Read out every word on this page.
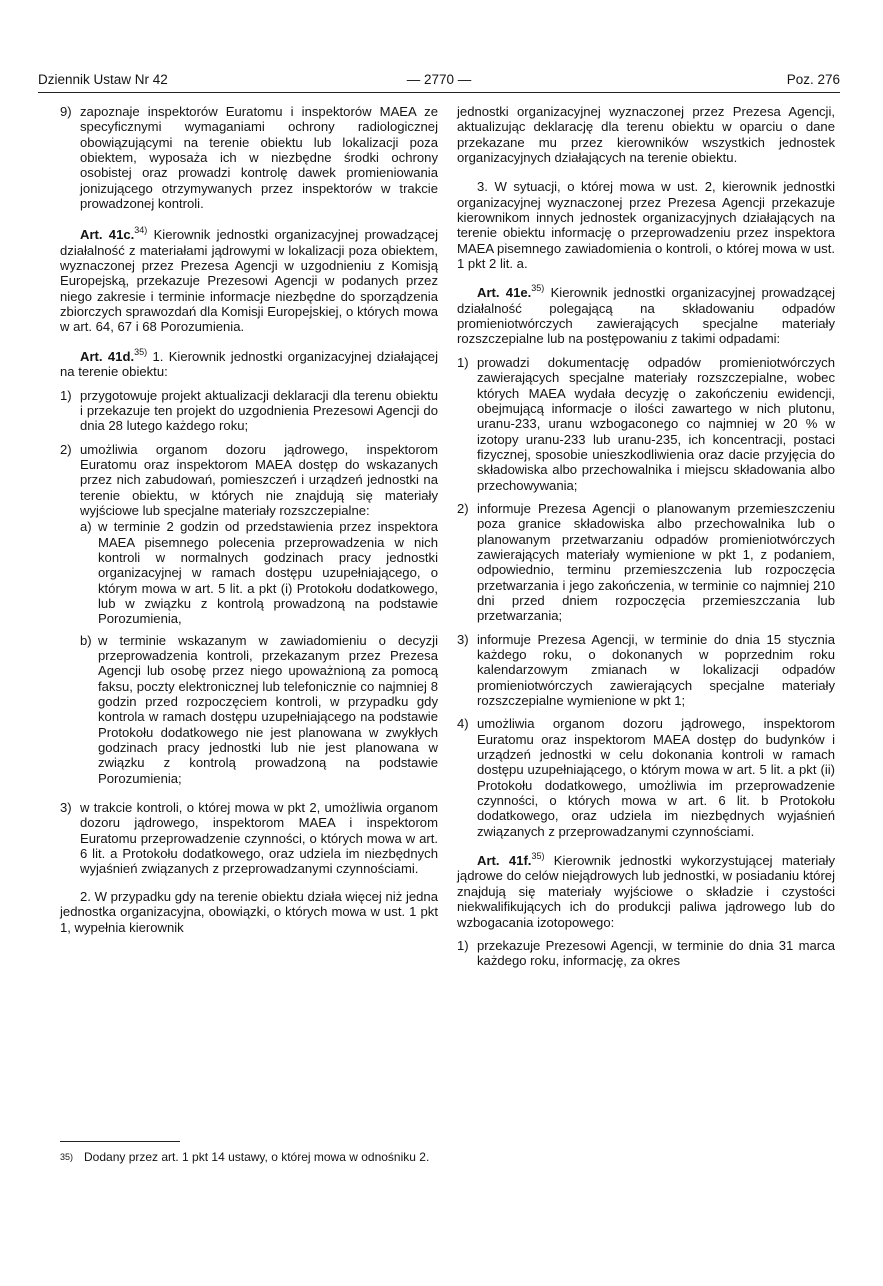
Dziennik Ustaw Nr 42	— 2770 —	Poz. 276
9) zapoznaje inspektorów Euratomu i inspektorów MAEA ze specyficznymi wymaganiami ochrony radiologicznej obowiązującymi na terenie obiektu lub lokalizacji poza obiektem, wyposaża ich w niezbędne środki ochrony osobistej oraz prowadzi kontrolę dawek promieniowania jonizującego otrzymywanych przez inspektorów w trakcie prowadzonej kontroli.

Art. 41c.$^{34)}$ Kierownik jednostki organizacyjnej prowadzącej działalność z materiałami jądrowymi w lokalizacji poza obiektem, wyznaczonej przez Prezesa Agencji w uzgodnieniu z Komisją Europejską, przekazuje Prezesowi Agencji w podanych przez niego zakresie i terminie informacje niezbędne do sporządzenia zbiorczych sprawozdań dla Komisji Europejskiej, o których mowa w art. 64, 67 i 68 Porozumienia.

Art. 41d.$^{35)}$ 1. Kierownik jednostki organizacyjnej działającej na terenie obiektu:

1) przygotowuje projekt aktualizacji deklaracji dla terenu obiektu i przekazuje ten projekt do uzgodnienia Prezesowi Agencji do dnia 28 lutego każdego roku;
2) umożliwia organom dozoru jądrowego, inspektorom Euratomu oraz inspektorom MAEA dostęp do wskazanych przez nich zabudowań, pomieszczeń i urządzeń jednostki na terenie obiektu, w których nie znajdują się materiały wyjściowe lub specjalne materiały rozszczepialne:
a) w terminie 2 godzin od przedstawienia przez inspektora MAEA pisemnego polecenia przeprowadzenia w nich kontroli w normalnych godzinach pracy jednostki organizacyjnej w ramach dostępu uzupełniającego, o którym mowa w art. 5 lit. a pkt (i) Protokołu dodatkowego, lub w związku z kontrolą prowadzoną na podstawie Porozumienia,
b) w terminie wskazanym w zawiadomieniu o decyzji przeprowadzenia kontroli, przekazanym przez Prezesa Agencji lub osobę przez niego upoważnioną za pomocą faksu, poczty elektronicznej lub telefonicznie co najmniej 8 godzin przed rozpoczęciem kontroli, w przypadku gdy kontrola w ramach dostępu uzupełniającego na podstawie Protokołu dodatkowego nie jest planowana w zwykłych godzinach pracy jednostki lub nie jest planowana w związku z kontrolą prowadzoną na podstawie Porozumienia;
3) w trakcie kontroli, o której mowa w pkt 2, umożliwia organom dozoru jądrowego, inspektorom MAEA i inspektorom Euratomu przeprowadzenie czynności, o których mowa w art. 6 lit. a Protokołu dodatkowego, oraz udziela im niezbędnych wyjaśnień związanych z przeprowadzanymi czynnościami.

2. W przypadku gdy na terenie obiektu działa więcej niż jedna jednostka organizacyjna, obowiązki, o których mowa w ust. 1 pkt 1, wypełnia kierownik

jednostki organizacyjnej wyznaczonej przez Prezesa Agencji, aktualizując deklarację dla terenu obiektu w oparciu o dane przekazane mu przez kierowników wszystkich jednostek organizacyjnych działających na terenie obiektu.

3. W sytuacji, o której mowa w ust. 2, kierownik jednostki organizacyjnej wyznaczonej przez Prezesa Agencji przekazuje kierownikom innych jednostek organizacyjnych działających na terenie obiektu informację o przeprowadzeniu przez inspektora MAEA pisemnego zawiadomienia o kontroli, o której mowa w ust. 1 pkt 2 lit. a.

Art. 41e.$^{35)}$ Kierownik jednostki organizacyjnej prowadzącej działalność polegającą na składowaniu odpadów promieniotwórczych zawierających specjalne materiały rozszczepialne lub na postępowaniu z takimi odpadami:

1) prowadzi dokumentację odpadów promieniotwórczych zawierających specjalne materiały rozszczepialne, wobec których MAEA wydała decyzję o zakończeniu ewidencji, obejmującą informacje o ilości zawartego w nich plutonu, uranu-233, uranu wzbogaconego co najmniej w 20 % w izotopy uranu-233 lub uranu-235, ich koncentracji, postaci fizycznej, sposobie unieszkodliwienia oraz dacie przyjęcia do składowiska albo przechowalnika i miejscu składowania albo przechowywania;
2) informuje Prezesa Agencji o planowanym przemieszczeniu poza granice składowiska albo przechowalnika lub o planowanym przetwarzaniu odpadów promieniotwórczych zawierających materiały wymienione w pkt 1, z podaniem, odpowiednio, terminu przemieszczenia lub rozpoczęcia przetwarzania i jego zakończenia, w terminie co najmniej 210 dni przed dniem rozpoczęcia przemieszczania lub przetwarzania;
3) informuje Prezesa Agencji, w terminie do dnia 15 stycznia każdego roku, o dokonanych w poprzednim roku kalendarzowym zmianach w lokalizacji odpadów promieniotwórczych zawierających specjalne materiały rozszczepialne wymienione w pkt 1;
4) umożliwia organom dozoru jądrowego, inspektorom Euratomu oraz inspektorom MAEA dostęp do budynków i urządzeń jednostki w celu dokonania kontroli w ramach dostępu uzupełniającego, o którym mowa w art. 5 lit. a pkt (ii) Protokołu dodatkowego, umożliwia im przeprowadzenie czynności, o których mowa w art. 6 lit. b Protokołu dodatkowego, oraz udziela im niezbędnych wyjaśnień związanych z przeprowadzanymi czynnościami.

Art. 41f.$^{35)}$ Kierownik jednostki wykorzystującej materiały jądrowe do celów niejądrowych lub jednostki, w posiadaniu której znajdują się materiały wyjściowe o składzie i czystości niekwalifikujących ich do produkcji paliwa jądrowego lub do wzbogacania izotopowego:

1) przekazuje Prezesowi Agencji, w terminie do dnia 31 marca każdego roku, informację, za okres
35) Dodany przez art. 1 pkt 14 ustawy, o której mowa w odnośniku 2.
